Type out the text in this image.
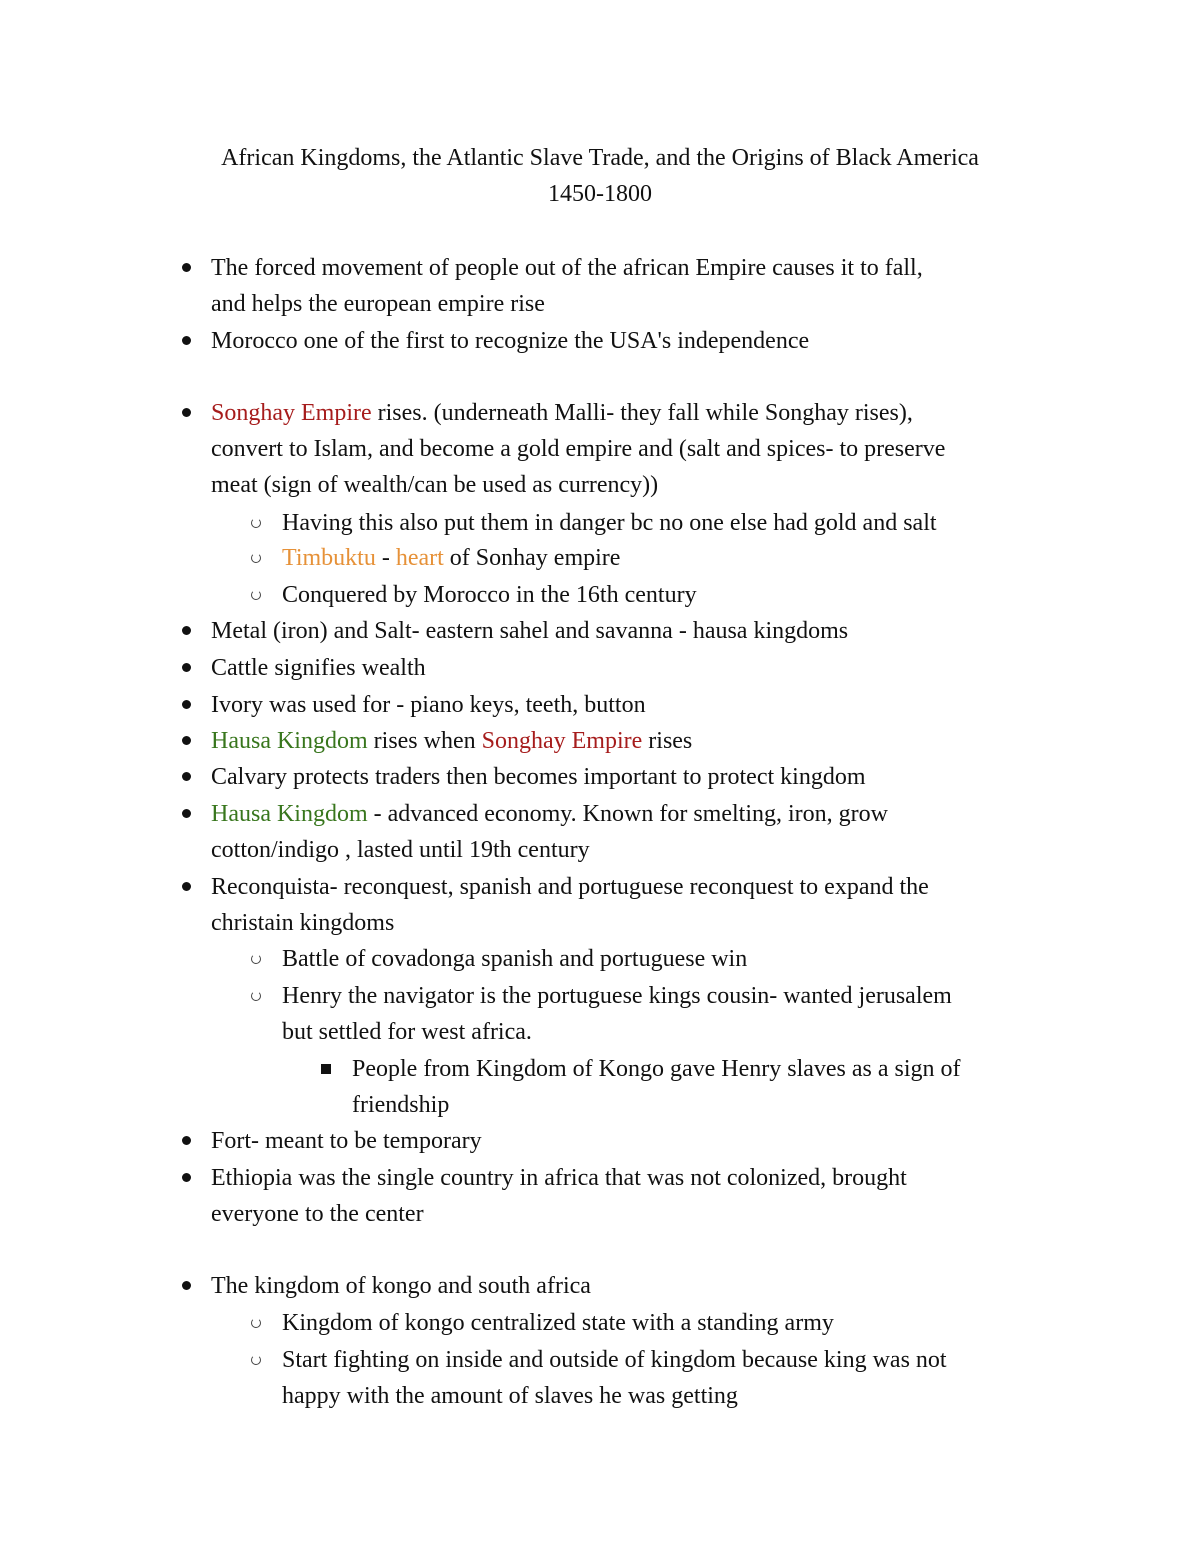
African Kingdoms, the Atlantic Slave Trade, and the Origins of Black America
1450-1800
The forced movement of people out of the african Empire causes it to fall,
and helps the european empire rise
Morocco one of the first to recognize the USA's independence
Songhay Empire rises. (underneath Malli- they fall while Songhay rises),
convert to Islam, and become a gold empire and (salt and spices- to preserve
meat (sign of wealth/can be used as currency))
Having this also put them in danger bc no one else had gold and salt
Timbuktu - heart of Sonhay empire
Conquered by Morocco in the 16th century
Metal (iron) and Salt- eastern sahel and savanna - hausa kingdoms
Cattle signifies wealth
Ivory was used for - piano keys, teeth, button
Hausa Kingdom rises when Songhay Empire rises
Calvary protects traders then becomes important to protect kingdom
Hausa Kingdom - advanced economy. Known for smelting, iron, grow
cotton/indigo , lasted until 19th century
Reconquista- reconquest, spanish and portuguese reconquest to expand the
christain kingdoms
Battle of covadonga spanish and portuguese win
Henry the navigator is the portuguese kings cousin- wanted jerusalem
but settled for west africa.
People from Kingdom of Kongo gave Henry slaves as a sign of
friendship
Fort- meant to be temporary
Ethiopia was the single country in africa that was not colonized, brought
everyone to the center
The kingdom of kongo and south africa
Kingdom of kongo centralized state with a standing army
Start fighting on inside and outside of kingdom because king was not
happy with the amount of slaves he was getting
